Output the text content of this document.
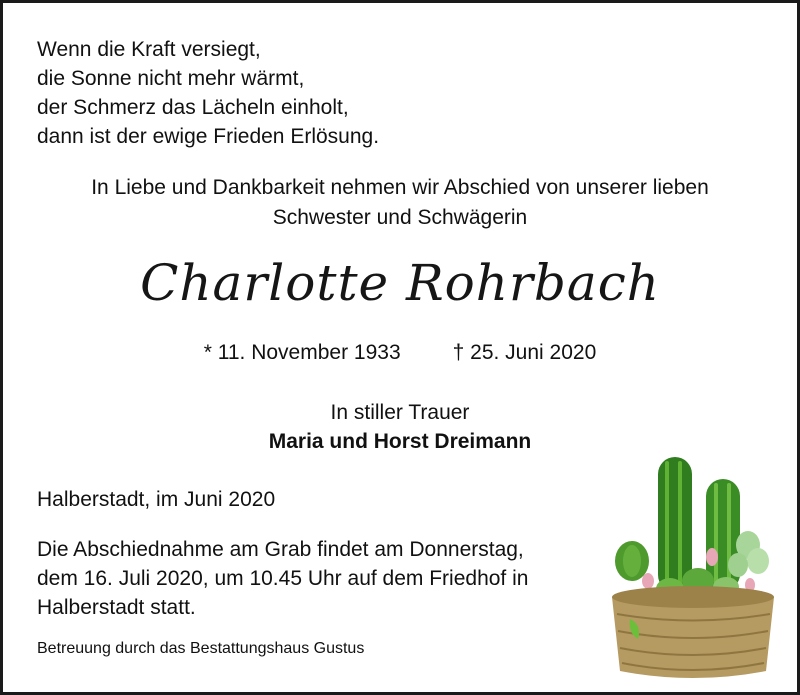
Wenn die Kraft versiegt,
die Sonne nicht mehr wärmt,
der Schmerz das Lächeln einholt,
dann ist der ewige Frieden Erlösung.
In Liebe und Dankbarkeit nehmen wir Abschied von unserer lieben
Schwester und Schwägerin
Charlotte Rohrbach
* 11. November 1933 † 25. Juni 2020
In stiller Trauer
Maria und Horst Dreimann
Halberstadt, im Juni 2020
Die Abschiednahme am Grab findet am Donnerstag,
dem 16. Juli 2020, um 10.45 Uhr auf dem Friedhof in
Halberstadt statt.
Betreuung durch das Bestattungshaus Gustus
